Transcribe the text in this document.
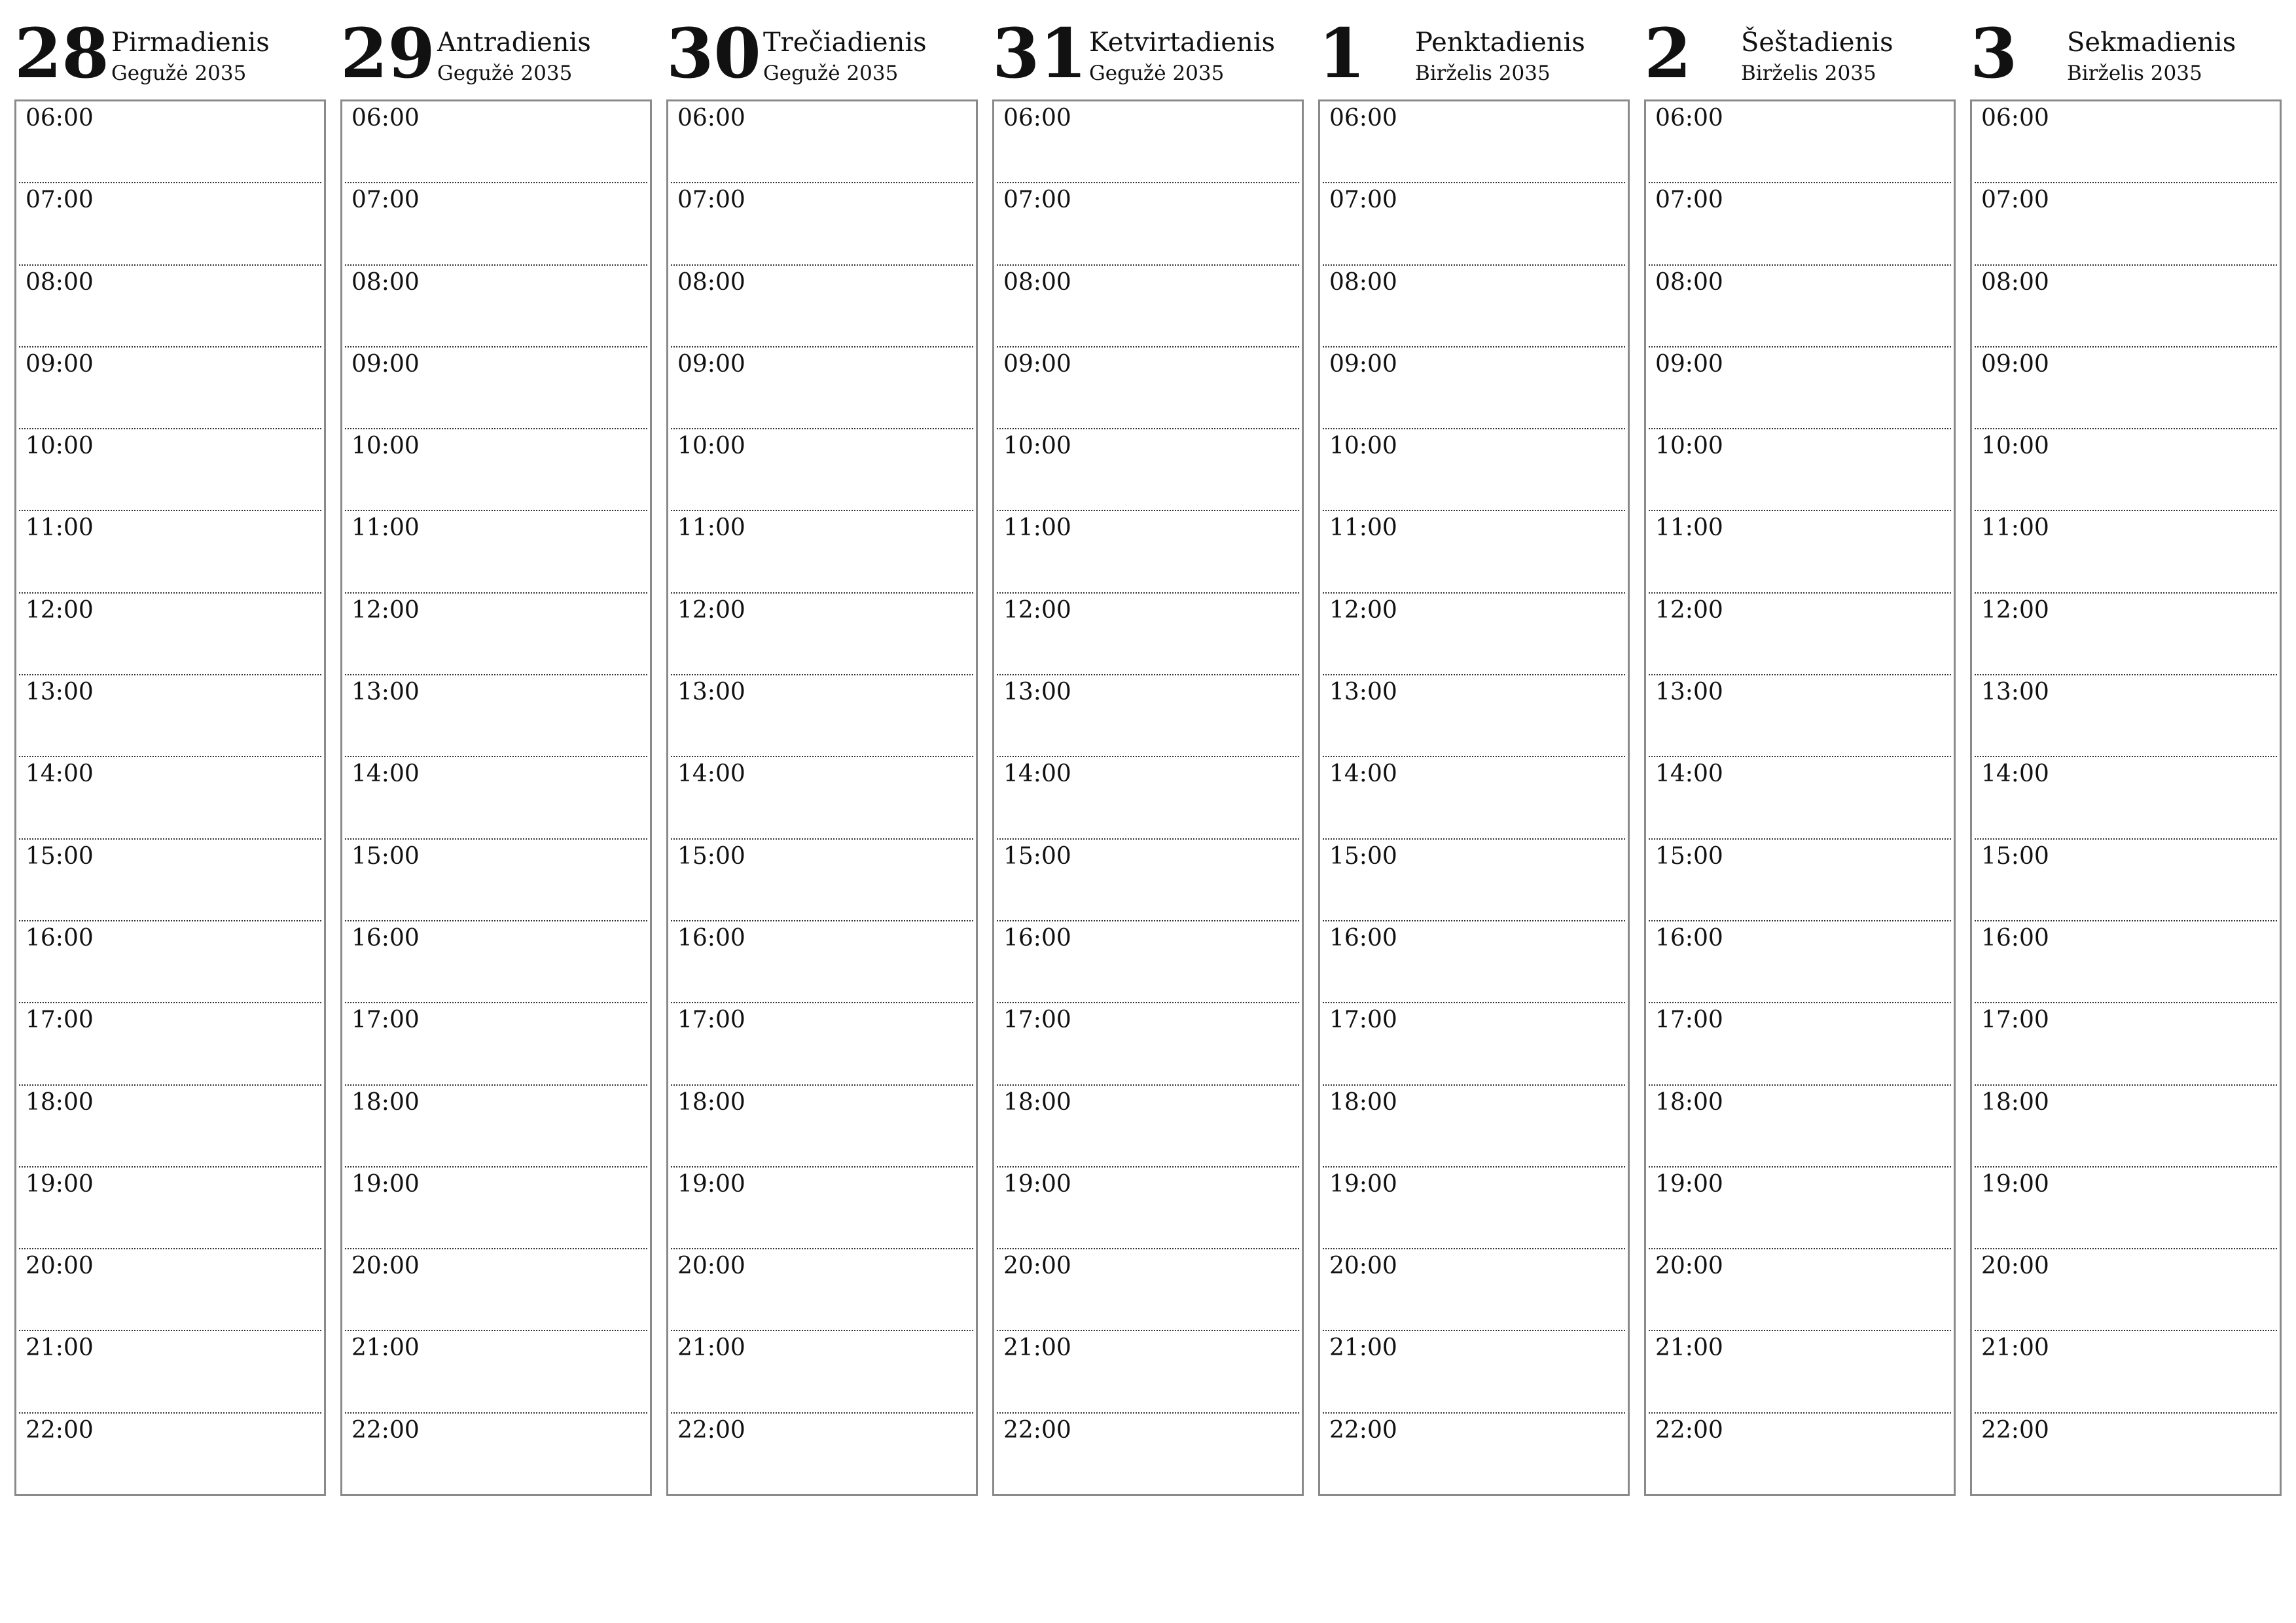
28 Pirmadienis
Gegužė 2035
06:00
07:00
08:00
09:00
10:00
11:00
12:00
13:00
14:00
15:00
16:00
17:00
18:00
19:00
20:00
21:00
22:00
29 Antradienis
Gegužė 2035
06:00
07:00
08:00
09:00
10:00
11:00
12:00
13:00
14:00
15:00
16:00
17:00
18:00
19:00
20:00
21:00
22:00
30 Trečiadienis
Gegužė 2035
06:00
07:00
08:00
09:00
10:00
11:00
12:00
13:00
14:00
15:00
16:00
17:00
18:00
19:00
20:00
21:00
22:00
31 Ketvirtadienis
Gegužė 2035
06:00
07:00
08:00
09:00
10:00
11:00
12:00
13:00
14:00
15:00
16:00
17:00
18:00
19:00
20:00
21:00
22:00
1	Penktadienis
Birželis 2035
06:00
07:00
08:00
09:00
10:00
11:00
12:00
13:00
14:00
15:00
16:00
17:00
18:00
19:00
20:00
21:00
22:00
2	Šeštadienis
Birželis 2035
06:00
07:00
08:00
09:00
10:00
11:00
12:00
13:00
14:00
15:00
16:00
17:00
18:00
19:00
20:00
21:00
22:00
3	Sekmadienis
Birželis 2035
06:00
07:00
08:00
09:00
10:00
11:00
12:00
13:00
14:00
15:00
16:00
17:00
18:00
19:00
20:00
21:00
22:00
